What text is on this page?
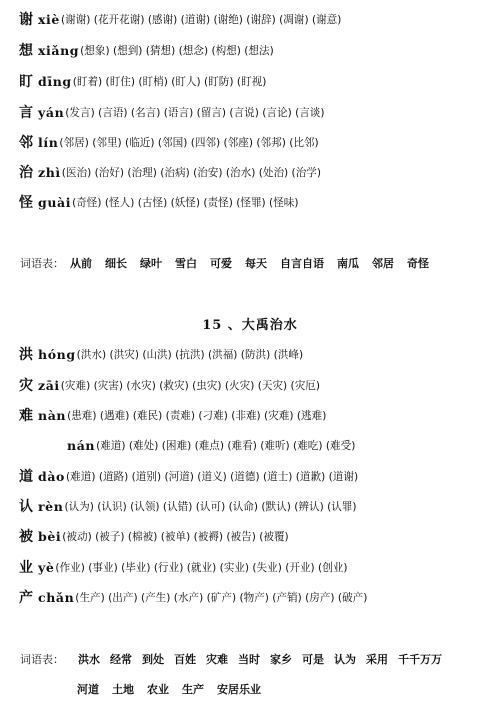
谢 xiè (谢谢) (花开花谢) (感谢) (道谢) (谢绝) (谢辞) (凋谢) (谢意)
想 xiǎng (想象) (想到) (猜想) (想念) (构想) (想法)
盯 dīng (盯着) (盯住) (盯梢) (盯人) (盯防) (盯视)
言 yán (发言) (言语) (名言) (语言) (留言) (言说) (言论) (言谈)
邻 lín (邻居) (邻里) (临近) (邻国) (四邻) (邻座) (邻邦) (比邻)
治 zhì (医治) (治好) (治理) (治病) (治安) (治水) (处治) (治学)
怪 guài (奇怪) (怪人) (古怪) (妖怪) (责怪) (怪罪) (怪味)
词语表： 从前 细长 绿叶 雪白 可爱 每天 自言自语 南瓜 邻居 奇怪
15 、大禹治水
洪 hóng (洪水) (洪灾) (山洪) (抗洪) (洪福) (防洪) (洪峰)
灾 zāi (灾难) (灾害) (水灾) (救灾) (虫灾) (火灾) (天灾) (灾厄)
难 nàn (患难) (遇难) (难民) (责难) (刁难) (非难) (灾难) (逃难)
nán (难道) (难处) (困难) (难点) (难看) (难听) (难吃) (难受)
道 dào (难道) (道路) (道别) (河道) (道义) (道德) (道士) (道歉) (道谢)
认 rèn (认为) (认识) (认领) (认错) (认可) (认命) (默认) (辨认) (认罪)
被 bèi (被动) (被子) (棉被) (被单) (被褥) (被告) (被覆)
业 yè (作业) (事业) (毕业) (行业) (就业) (实业) (失业) (开业) (创业)
产 chǎn (生产) (出产) (产生) (水产) (矿产) (物产) (产销) (房产) (破产)
词语表： 洪水 经常 到处 百姓 灾难 当时 家乡 可是 认为 采用 千千万万
河道 土地 农业 生产 安居乐业
